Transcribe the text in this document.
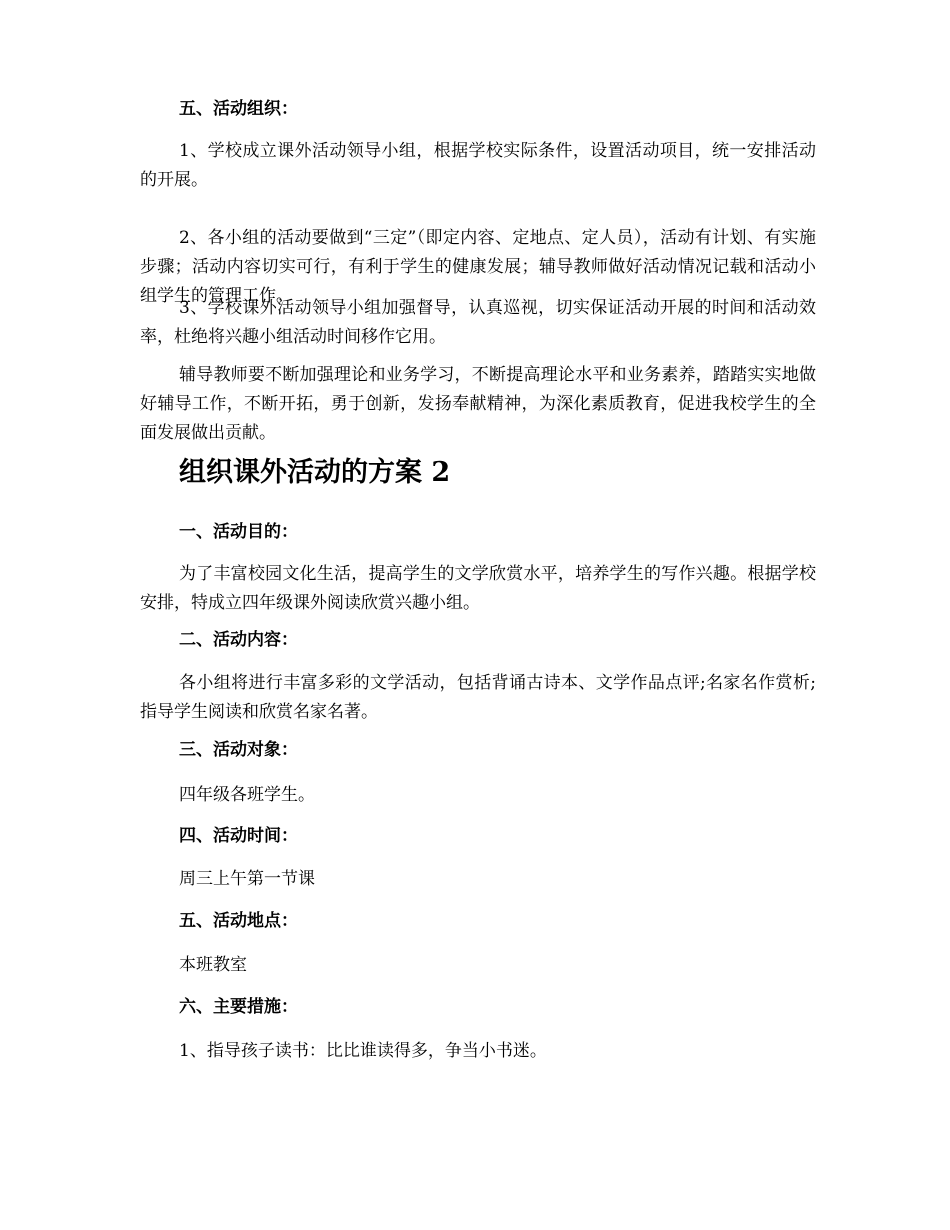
五、活动组织：
1、学校成立课外活动领导小组，根据学校实际条件，设置活动项目，统一安排活动的开展。
2、各小组的活动要做到“三定”（即定内容、定地点、定人员），活动有计划、有实施步骤；活动内容切实可行，有利于学生的健康发展；辅导教师做好活动情况记载和活动小组学生的管理工作。
3、学校课外活动领导小组加强督导，认真巡视，切实保证活动开展的时间和活动效率，杜绝将兴趣小组活动时间移作它用。
辅导教师要不断加强理论和业务学习，不断提高理论水平和业务素养，踏踏实实地做好辅导工作，不断开拓，勇于创新，发扬奉献精神，为深化素质教育，促进我校学生的全面发展做出贡献。
组织课外活动的方案 2
一、活动目的：
为了丰富校园文化生活，提高学生的文学欣赏水平，培养学生的写作兴趣。根据学校安排，特成立四年级课外阅读欣赏兴趣小组。
二、活动内容：
各小组将进行丰富多彩的文学活动，包括背诵古诗本、文学作品点评;名家名作赏析;指导学生阅读和欣赏名家名著。
三、活动对象：
四年级各班学生。
四、活动时间：
周三上午第一节课
五、活动地点：
本班教室
六、主要措施：
1、指导孩子读书：比比谁读得多，争当小书迷。
